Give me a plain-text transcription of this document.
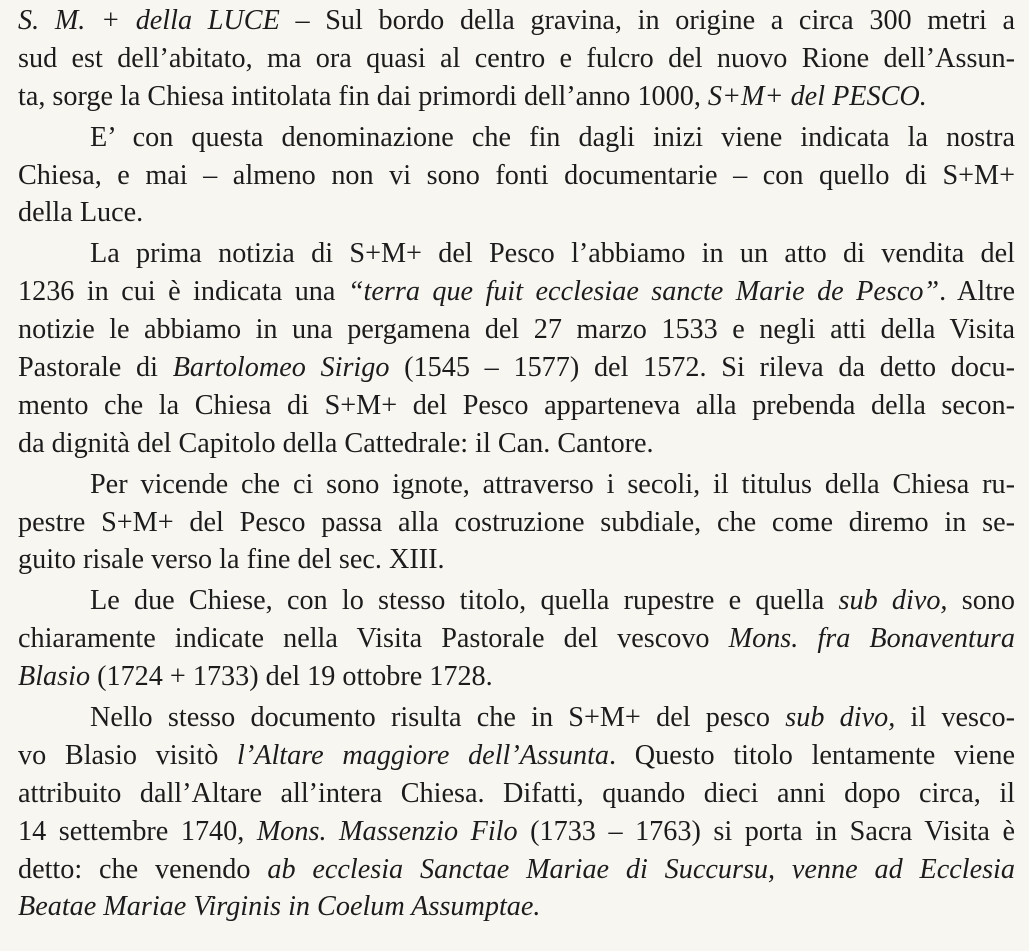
S. M. + della LUCE – Sul bordo della gravina, in origine a circa 300 metri a
sud est dell’abitato, ma ora quasi al centro e fulcro del nuovo Rione dell’Assun-
ta, sorge la Chiesa intitolata fin dai primordi dell’anno 1000, S+M+ del PESCO.
E’ con questa denominazione che fin dagli inizi viene indicata la nostra
Chiesa, e mai – almeno non vi sono fonti documentarie – con quello di S+M+
della Luce.
La prima notizia di S+M+ del Pesco l’abbiamo in un atto di vendita del
1236 in cui è indicata una “terra que fuit ecclesiae sancte Marie de Pesco”. Altre
notizie le abbiamo in una pergamena del 27 marzo 1533 e negli atti della Visita
Pastorale di Bartolomeo Sirigo (1545 – 1577) del 1572. Si rileva da detto docu-
mento che la Chiesa di S+M+ del Pesco apparteneva alla prebenda della secon-
da dignità del Capitolo della Cattedrale: il Can. Cantore.
Per vicende che ci sono ignote, attraverso i secoli, il titulus della Chiesa ru-
pestre S+M+ del Pesco passa alla costruzione subdiale, che come diremo in se-
guito risale verso la fine del sec. XIII.
Le due Chiese, con lo stesso titolo, quella rupestre e quella sub divo, sono
chiaramente indicate nella Visita Pastorale del vescovo Mons. fra Bonaventura
Blasio (1724 + 1733) del 19 ottobre 1728.
Nello stesso documento risulta che in S+M+ del pesco sub divo, il vesco-
vo Blasio visitò l’Altare maggiore dell’Assunta. Questo titolo lentamente viene
attribuito dall’Altare all’intera Chiesa. Difatti, quando dieci anni dopo circa, il
14 settembre 1740, Mons. Massenzio Filo (1733 – 1763) si porta in Sacra Visita è
detto: che venendo ab ecclesia Sanctae Mariae di Succursu, venne ad Ecclesia
Beatae Mariae Virginis in Coelum Assumptae.
